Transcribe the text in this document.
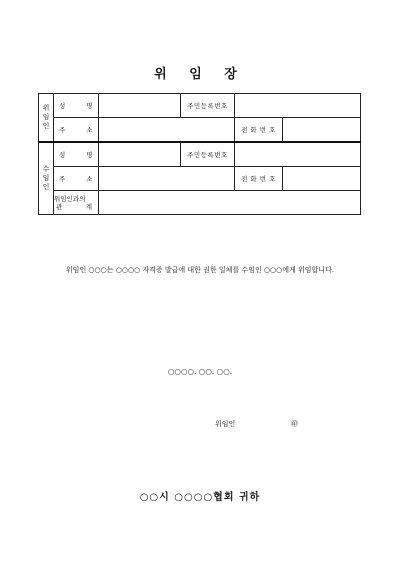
위 임 장
위임인	성 명		주민등록번호		
	주 소			전 화 번 호	
수임인	성 명		주민등록번호		
	주 소			전 화 번 호	

	위임인과의
관 계				

위임인 ○○○는 ○○○○ 자격증 발급에 대한 권한 일체를 수임인 ○○○에게 위임합니다.
○○○○. ○○. ○○.
위임인	㊞
○○시 ○○○○협회 귀하
